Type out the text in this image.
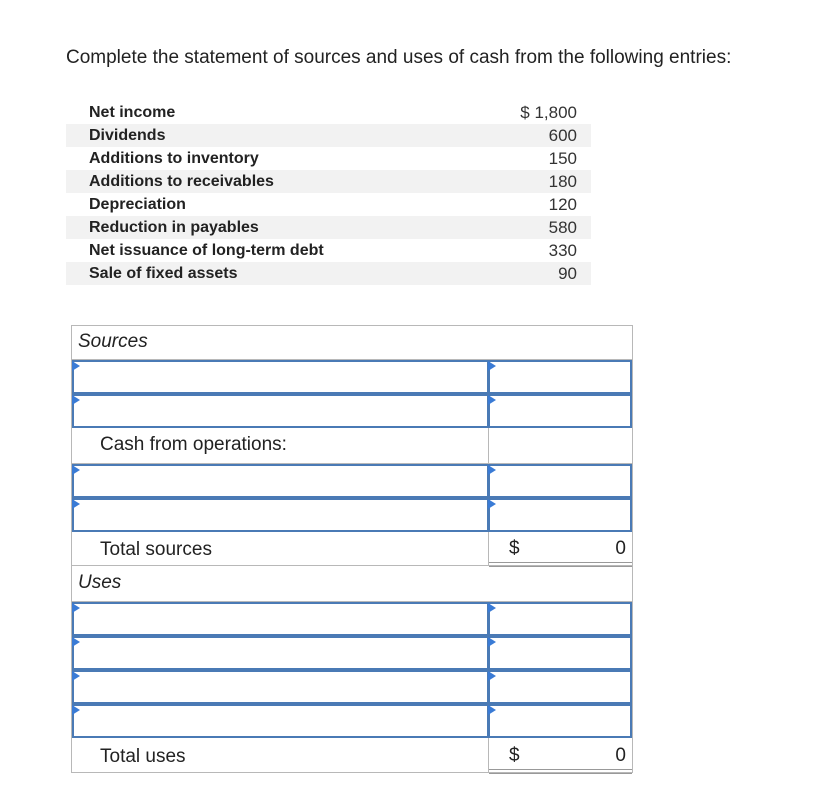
Complete the statement of sources and uses of cash from the following entries:
Net income	$ 1,800
Dividends	600
Additions to inventory	150
Additions to receivables	180
Depreciation	120
Reduction in payables	580
Net issuance of long-term debt	330
Sale of fixed assets	90
Sources
Cash from operations:
Total sources	$	0
Uses
Total uses	$	0
